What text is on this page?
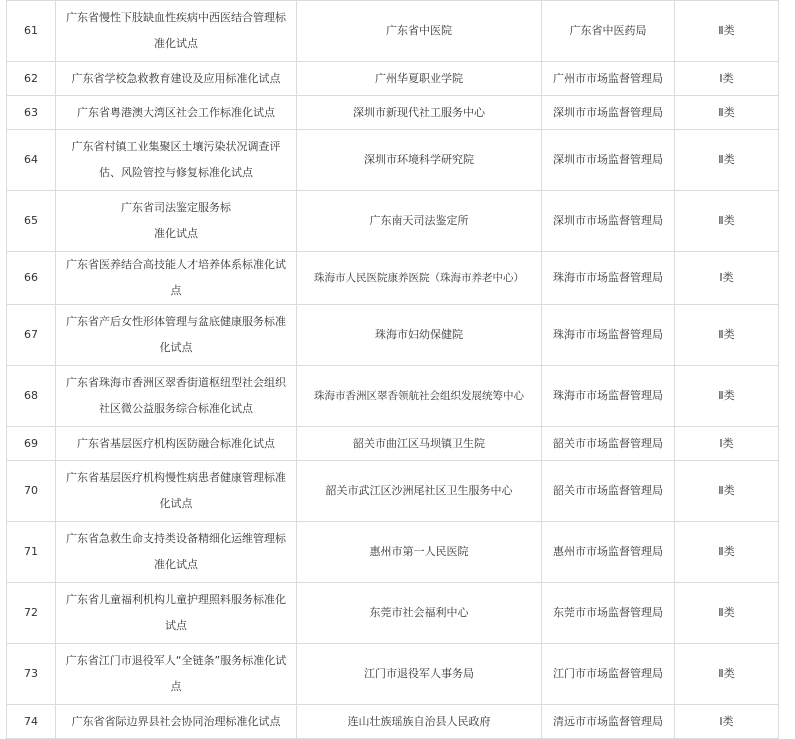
61	广东省慢性下肢缺血性疾病中西医结合管理标准化试点	广东省中医院	广东省中医药局	Ⅱ类
62	广东省学校急救教育建设及应用标准化试点	广州华夏职业学院	广州市市场监督管理局	Ⅰ类
63	广东省粤港澳大湾区社会工作标准化试点	深圳市新现代社工服务中心	深圳市市场监督管理局	Ⅱ类
64	广东省村镇工业集聚区土壤污染状况调查评估、风险管控与修复标准化试点	深圳市环境科学研究院	深圳市市场监督管理局	Ⅱ类
65	广东省司法鉴定服务标准化试点	广东南天司法鉴定所	深圳市市场监督管理局	Ⅱ类
66	广东省医养结合高技能人才培养体系标准化试点	珠海市人民医院康养医院（珠海市养老中心）	珠海市市场监督管理局	Ⅰ类
67	广东省产后女性形体管理与盆底健康服务标准化试点	珠海市妇幼保健院	珠海市市场监督管理局	Ⅱ类
68	广东省珠海市香洲区翠香街道枢纽型社会组织社区微公益服务综合标准化试点	珠海市香洲区翠香领航社会组织发展统筹中心	珠海市市场监督管理局	Ⅱ类
69	广东省基层医疗机构医防融合标准化试点	韶关市曲江区马坝镇卫生院	韶关市市场监督管理局	Ⅰ类
70	广东省基层医疗机构慢性病患者健康管理标准化试点	韶关市武江区沙洲尾社区卫生服务中心	韶关市市场监督管理局	Ⅱ类
71	广东省急救生命支持类设备精细化运维管理标准化试点	惠州市第一人民医院	惠州市市场监督管理局	Ⅱ类
72	广东省儿童福利机构儿童护理照料服务标准化试点	东莞市社会福利中心	东莞市市场监督管理局	Ⅱ类
73	广东省江门市退役军人“全链条”服务标准化试点	江门市退役军人事务局	江门市市场监督管理局	Ⅱ类
74	广东省省际边界县社会协同治理标准化试点	连山壮族瑶族自治县人民政府	清远市市场监督管理局	Ⅰ类
